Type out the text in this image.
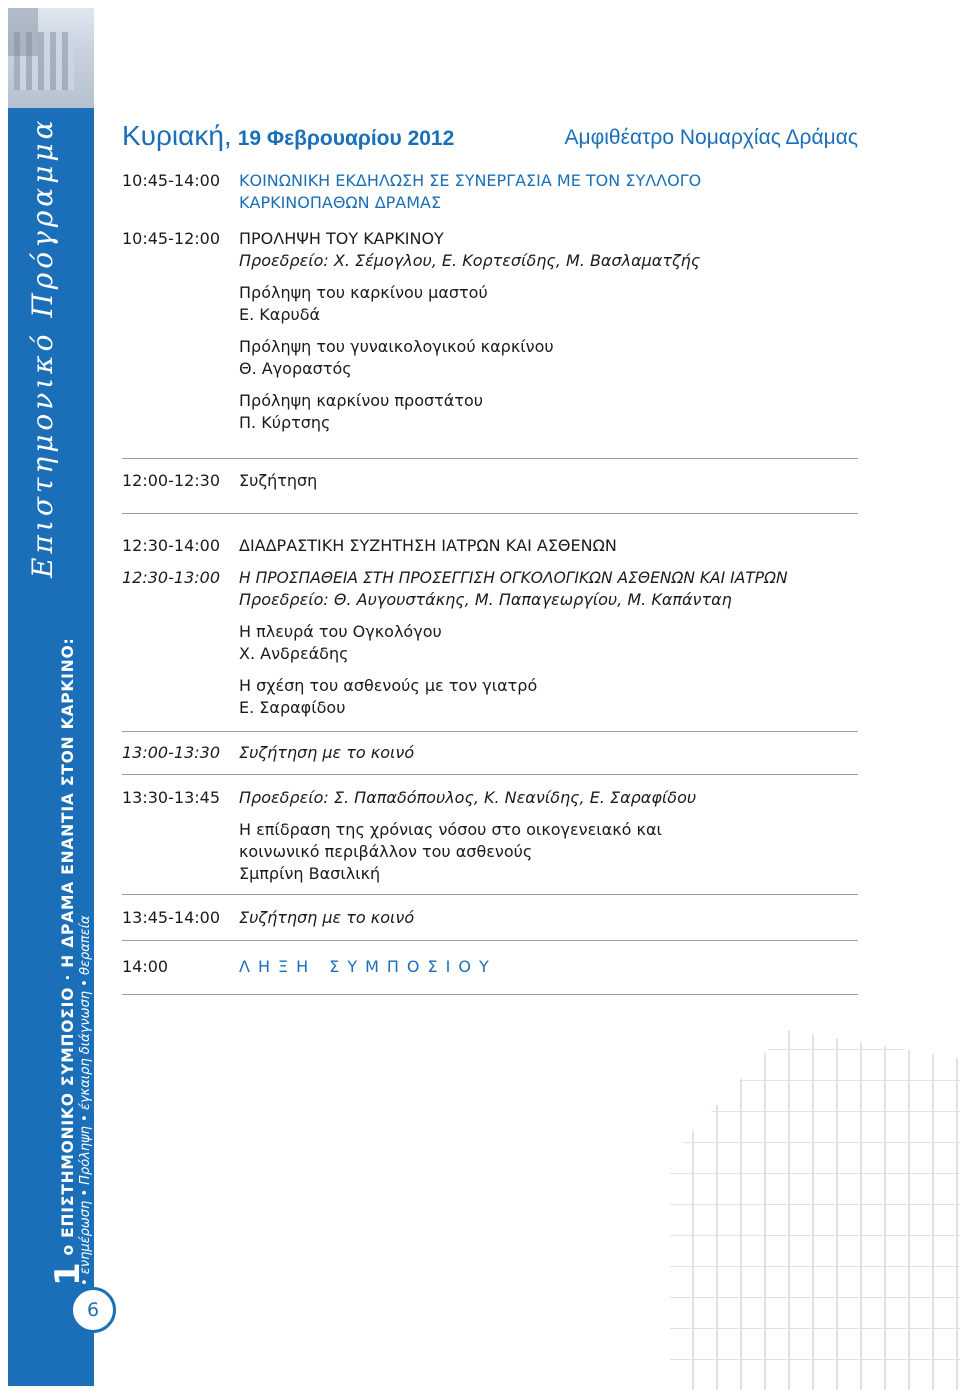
Επιστημονικό Πρόγραμμα
1ο ΕΠΙΣΤΗΜΟΝΙΚΟ ΣΥΜΠΟΣΙΟ · Η ΔΡΑΜΑ ΕΝΑΝΤΙΑ ΣΤΟΝ ΚΑΡΚΙΝΟ: • ενημέρωση • Πρόληψη • έγκαιρη διάγνωση • θεραπεία
6
Κυριακή, 19 Φεβρουαρίου 2012	Αμφιθέατρο Νομαρχίας Δράμας
10:45-14:00 ΚΟΙΝΩΝΙΚΗ ΕΚΔΗΛΩΣΗ ΣΕ ΣΥΝΕΡΓΑΣΙΑ ΜΕ ΤΟΝ ΣΥΛΛΟΓΟ
ΚΑΡΚΙΝΟΠΑΘΩΝ ΔΡΑΜΑΣ
10:45-12:00 ΠΡΟΛΗΨΗ ΤΟΥ ΚΑΡΚΙΝΟΥ
Προεδρείο: Χ. Σέμογλου, Ε. Κορτεσίδης, Μ. Βασλαματζής
Πρόληψη του καρκίνου μαστού
Ε. Καρυδά
Πρόληψη του γυναικολογικού καρκίνου
Θ. Αγοραστός
Πρόληψη καρκίνου προστάτου
Π. Κύρτσης
12:00-12:30 Συζήτηση
12:30-14:00 ΔΙΑΔΡΑΣΤΙΚΗ ΣΥΖΗΤΗΣΗ ΙΑΤΡΩΝ ΚΑΙ ΑΣΘΕΝΩΝ
12:30-13:00 Η ΠΡΟΣΠΑΘΕΙΑ ΣΤΗ ΠΡΟΣΕΓΓΙΣΗ ΟΓΚΟΛΟΓΙΚΩΝ ΑΣΘΕΝΩΝ ΚΑΙ ΙΑΤΡΩΝ
Προεδρείο: Θ. Αυγουστάκης, Μ. Παπαγεωργίου, Μ. Καπάνταη
Η πλευρά του Ογκολόγου
Χ. Ανδρεάδης
Η σχέση του ασθενούς με τον γιατρό
Ε. Σαραφίδου
13:00-13:30 Συζήτηση με το κοινό
13:30-13:45 Προεδρείο: Σ. Παπαδόπουλος, Κ. Νεανίδης, Ε. Σαραφίδου
Η επίδραση της χρόνιας νόσου στο οικογενειακό και
κοινωνικό περιβάλλον του ασθενούς
Σμπρίνη Βασιλική
13:45-14:00 Συζήτηση με το κοινό
14:00	ΛΗΞΗ ΣΥΜΠΟΣΙΟΥ
